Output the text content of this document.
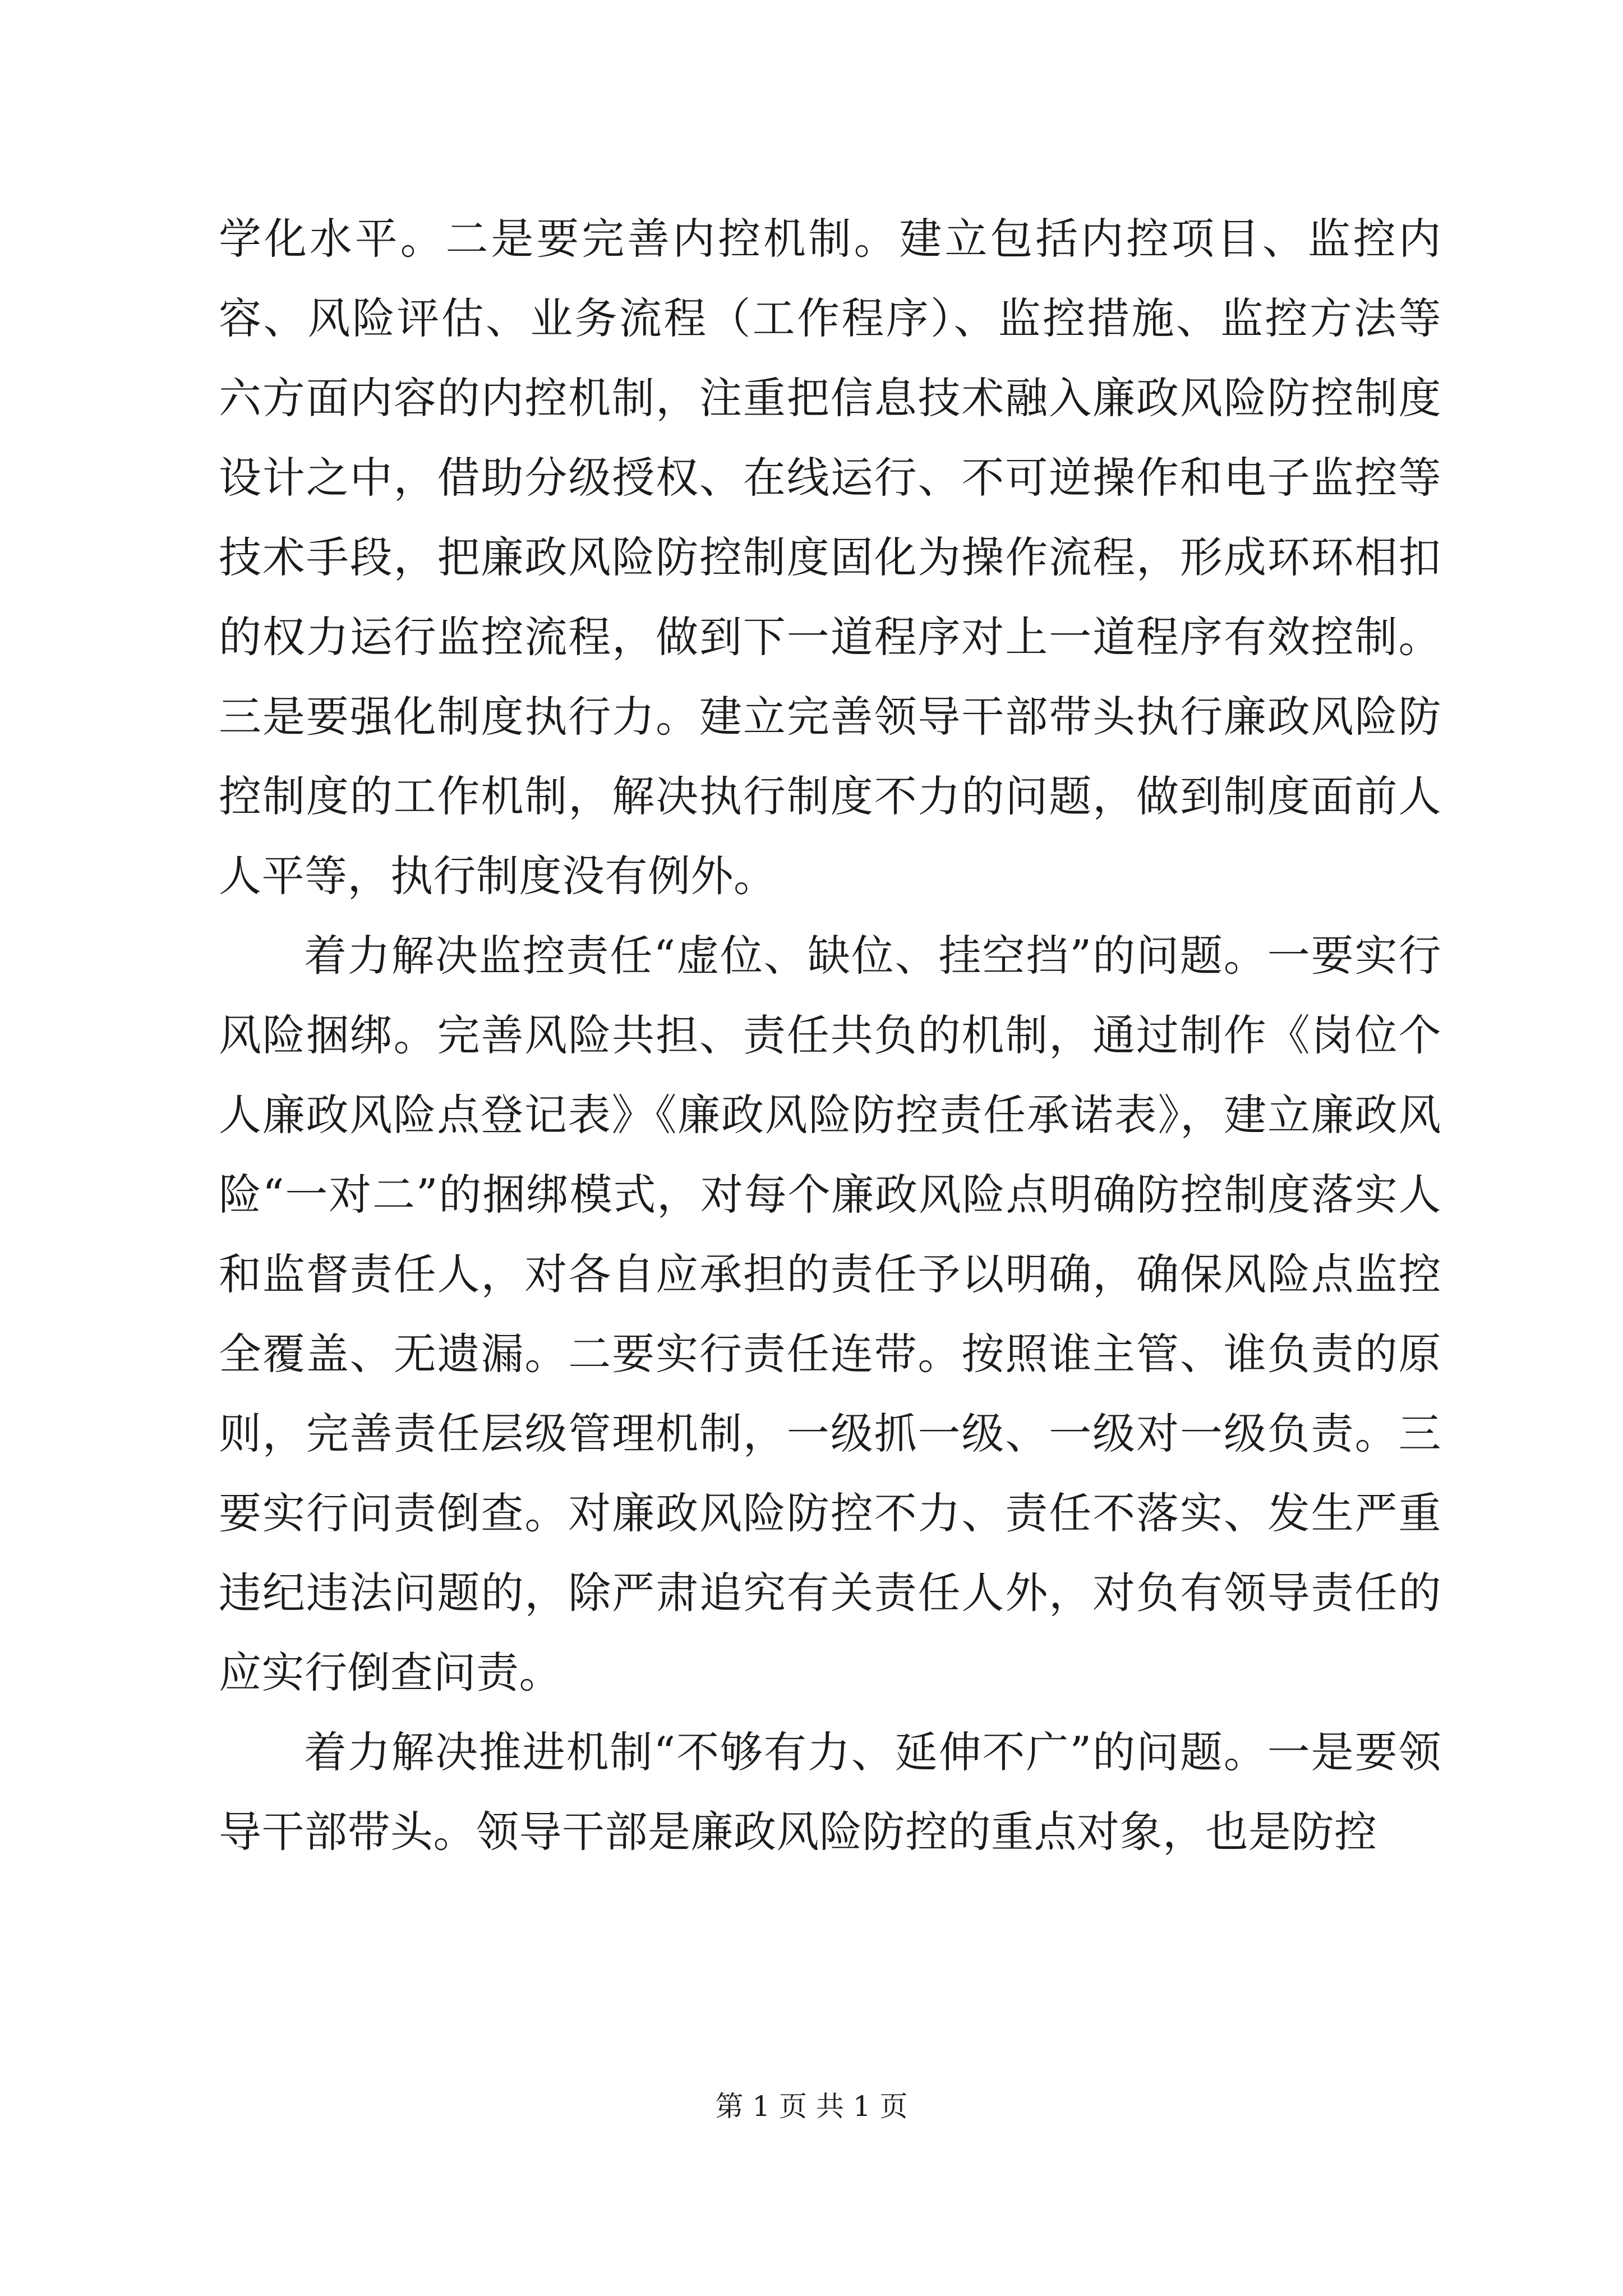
学化水平。二是要完善内控机制。建立包括内控项目、监控内容、风险评估、业务流程（工作程序）、监控措施、监控方法等六方面内容的内控机制，注重把信息技术融入廉政风险防控制度设计之中，借助分级授权、在线运行、不可逆操作和电子监控等技术手段，把廉政风险防控制度固化为操作流程，形成环环相扣的权力运行监控流程，做到下一道程序对上一道程序有效控制。三是要强化制度执行力。建立完善领导干部带头执行廉政风险防控制度的工作机制，解决执行制度不力的问题，做到制度面前人人平等，执行制度没有例外。

着力解决监控责任“虚位、缺位、挂空挡”的问题。一要实行风险捆绑。完善风险共担、责任共负的机制，通过制作《岗位个人廉政风险点登记表》《廉政风险防控责任承诺表》，建立廉政风险“一对二”的捆绑模式，对每个廉政风险点明确防控制度落实人和监督责任人，对各自应承担的责任予以明确，确保风险点监控全覆盖、无遗漏。二要实行责任连带。按照谁主管、谁负责的原则，完善责任层级管理机制，一级抓一级、一级对一级负责。三要实行问责倒查。对廉政风险防控不力、责任不落实、发生严重违纪违法问题的，除严肃追究有关责任人外，对负有领导责任的应实行倒查问责。

着力解决推进机制“不够有力、延伸不广”的问题。一是要领导干部带头。领导干部是廉政风险防控的重点对象，也是防控

第 1 页 共 1 页
